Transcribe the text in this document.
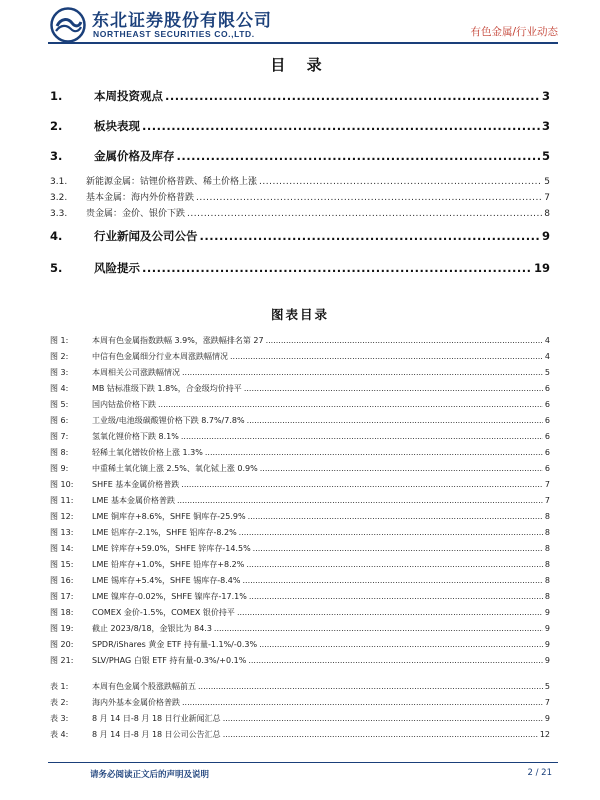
东北证券股份有限公司
NORTHEAST SECURITIES CO.,LTD.	有色金属/行业动态
目 录
1.	本周投资观点 .....	3
2.	板块表现 .....	3
3.	金属价格及库存 .....	5
3.1.	新能源金属：钴锂价格普跌、稀土价格上涨 .....	5
3.2.	基本金属：海内外价格普跌 .....	7
3.3.	贵金属：金价、银价下跌 .....	8
4.	行业新闻及公司公告 .....	9
5.	风险提示 .....	19
图表目录
图 1:	本周有色金属指数跌幅 3.9%，涨跌幅排名第 27 .....	4
图 2:	中信有色金属细分行业本周涨跌幅情况 .....	4
图 3:	本周相关公司涨跌幅情况 .....	5
图 4:	MB 钴标准级下跌 1.8%，合金级均价持平 .....	6
图 5:	国内钴盐价格下跌 .....	6
图 6:	工业级/电池级碳酸锂价格下跌 8.7%/7.8% .....	6
图 7:	氢氧化锂价格下跌 8.1% .....	6
图 8:	轻稀土氧化镨钕价格上涨 1.3% .....	6
图 9:	中重稀土氧化镝上涨 2.5%、氧化铽上涨 0.9% .....	6
图 10:	SHFE 基本金属价格普跌 .....	7
图 11:	LME 基本金属价格普跌 .....	7
图 12:	LME 铜库存+8.6%，SHFE 铜库存-25.9% .....	8
图 13:	LME 铝库存-2.1%，SHFE 铝库存-8.2% .....	8
图 14:	LME 锌库存+59.0%，SHFE 锌库存-14.5% .....	8
图 15:	LME 铅库存+1.0%，SHFE 铅库存+8.2% .....	8
图 16:	LME 锡库存+5.4%，SHFE 锡库存-8.4% .....	8
图 17:	LME 镍库存-0.02%，SHFE 镍库存-17.1% .....	8
图 18:	COMEX 金价-1.5%，COMEX 银价持平 .....	9
图 19:	截止 2023/8/18，金银比为 84.3 .....	9
图 20:	SPDR/iShares 黄金 ETF 持有量-1.1%/-0.3% .....	9
图 21:	SLV/PHAG 白银 ETF 持有量-0.3%/+0.1% .....	9
表 1:	本周有色金属个股涨跌幅前五 .....	5
表 2:	海内外基本金属价格普跌 .....	7
表 3:	8 月 14 日-8 月 18 日行业新闻汇总 .....	9
表 4:	8 月 14 日-8 月 18 日公司公告汇总 .....	12
请务必阅读正文后的声明及说明	2 / 21
